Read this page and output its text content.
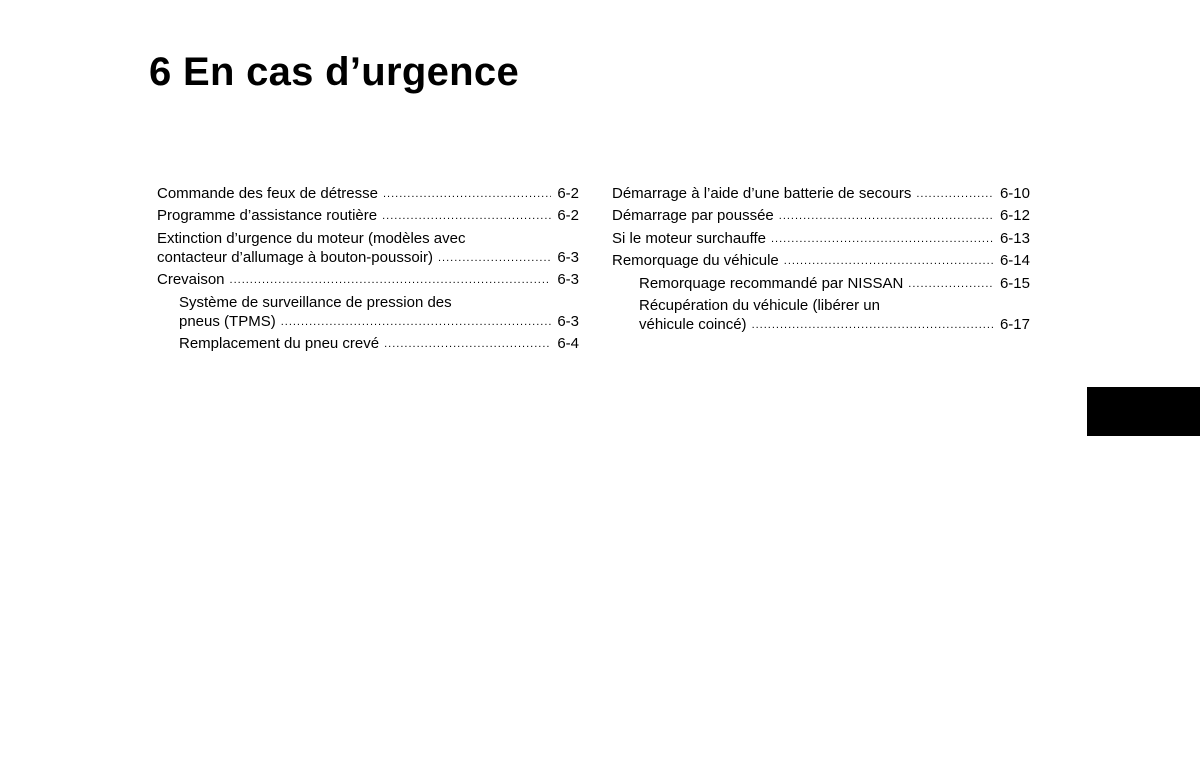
6 En cas d’urgence
Commande des feux de détresse .....	6-2
Programme d’assistance routière .....	6-2
Extinction d’urgence du moteur (modèles avec
contacteur d’allumage à bouton-poussoir) .....	6-3
Crevaison .....	6-3
Système de surveillance de pression des
pneus (TPMS) .....	6-3
Remplacement du pneu crevé .....	6-4
Démarrage à l’aide d’une batterie de secours .....	6-10
Démarrage par poussée .....	6-12
Si le moteur surchauffe .....	6-13
Remorquage du véhicule .....	6-14
Remorquage recommandé par NISSAN .....	6-15
Récupération du véhicule (libérer un
véhicule coincé) .....	6-17
